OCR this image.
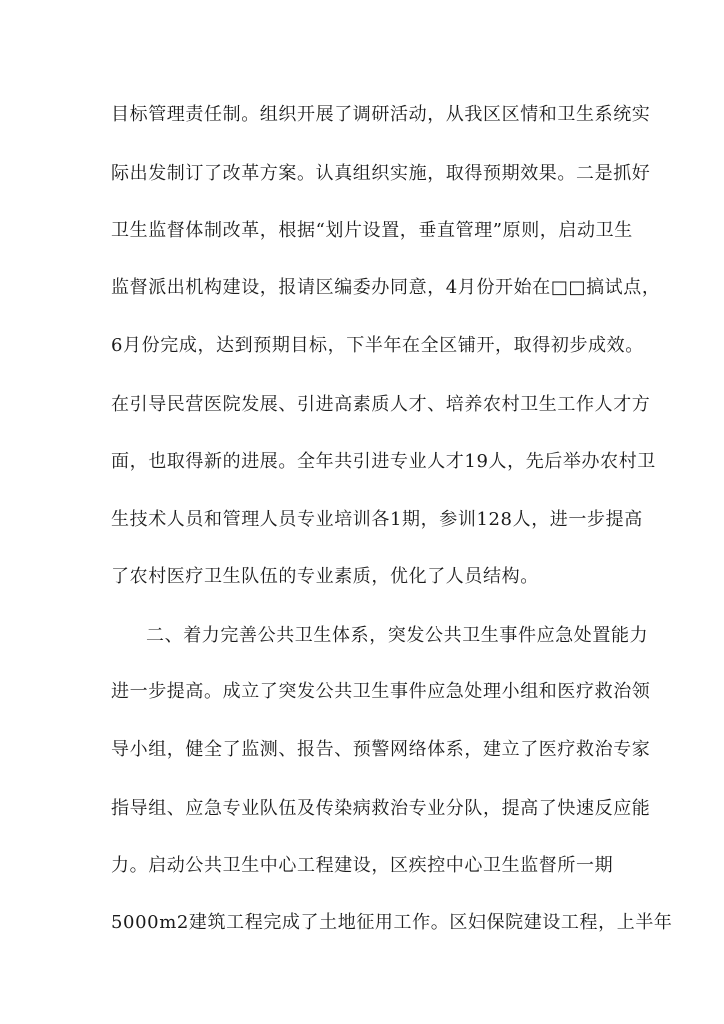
目标管理责任制。组织开展了调研活动，从我区区情和卫生系统实
际出发制订了改革方案。认真组织实施，取得预期效果。二是抓好
卫生监督体制改革，根据“划片设置，垂直管理”原则，启动卫生
监督派出机构建设，报请区编委办同意，4月份开始在□□搞试点，
6月份完成，达到预期目标，下半年在全区铺开，取得初步成效。
在引导民营医院发展、引进高素质人才、培养农村卫生工作人才方
面，也取得新的进展。全年共引进专业人才19人，先后举办农村卫
生技术人员和管理人员专业培训各1期，参训128人，进一步提高
了农村医疗卫生队伍的专业素质，优化了人员结构。
二、着力完善公共卫生体系，突发公共卫生事件应急处置能力
进一步提高。成立了突发公共卫生事件应急处理小组和医疗救治领
导小组，健全了监测、报告、预警网络体系，建立了医疗救治专家
指导组、应急专业队伍及传染病救治专业分队，提高了快速反应能
力。启动公共卫生中心工程建设，区疾控中心卫生监督所一期
5000m2建筑工程完成了土地征用工作。区妇保院建设工程，上半年
